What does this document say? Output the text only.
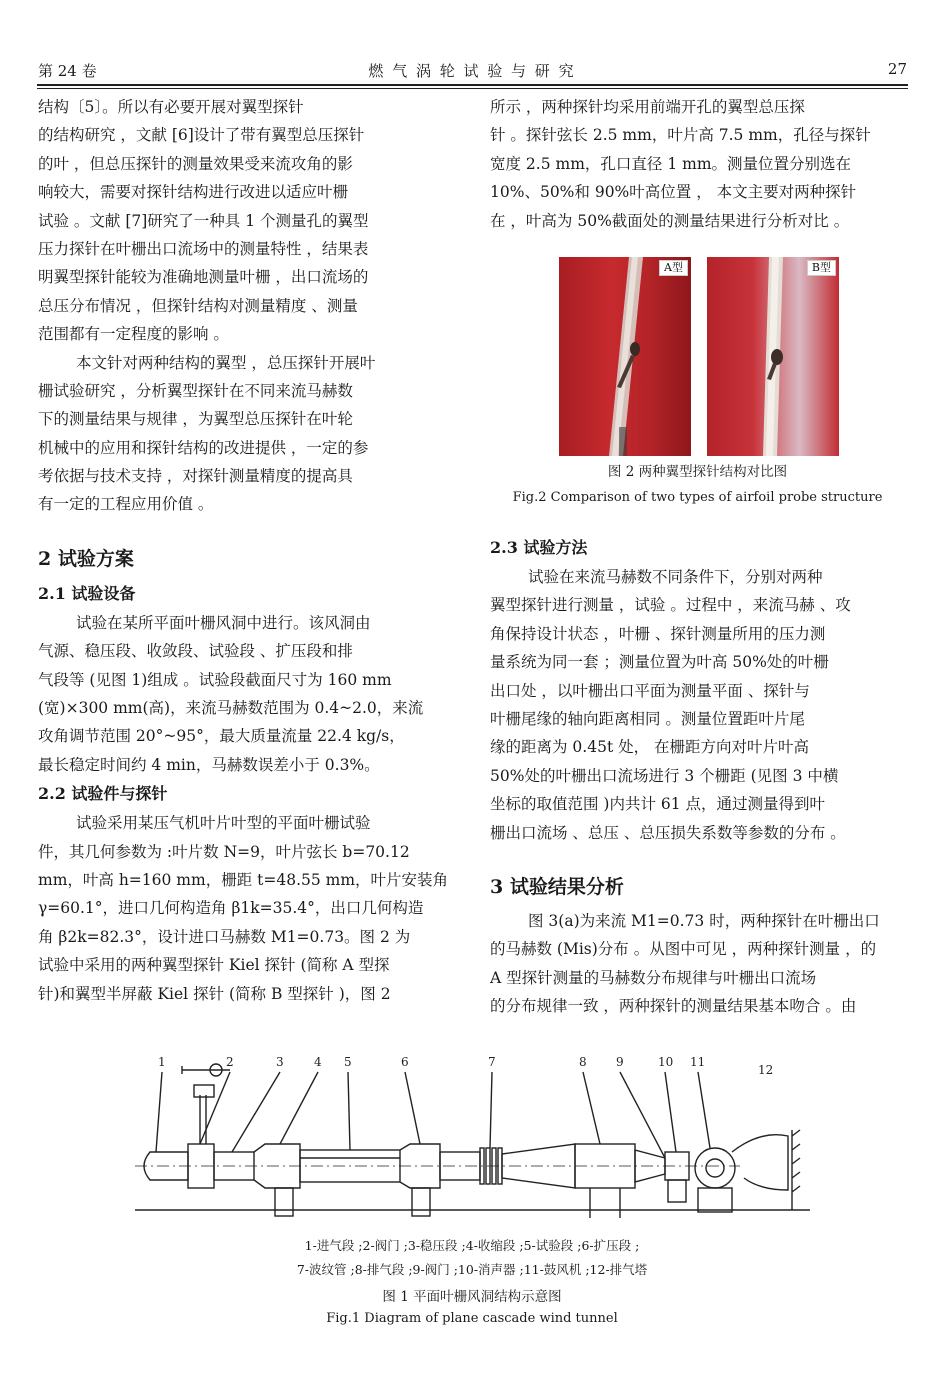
第 24 卷	燃 气 涡 轮 试 验 与 研 究	27
结构〔5〕。所以有必要开展对翼型探针
的结构研究 ，文献 [6]设计了带有翼型总压探针
的叶 ，但总压探针的测量效果受来流攻角的影
响较大，需要对探针结构进行改进以适应叶栅
试验 。文献 [7]研究了一种具 1 个测量孔的翼型
压力探针在叶栅出口流场中的测量特性 ，结果表
明翼型探针能较为准确地测量叶栅 ，出口流场的
总压分布情况 ，但探针结构对测量精度 、测量
范围都有一定程度的影响 。
本文针对两种结构的翼型 ，总压探针开展叶
栅试验研究 ，分析翼型探针在不同来流马赫数
下的测量结果与规律 ，为翼型总压探针在叶轮
机械中的应用和探针结构的改进提供 ，一定的参
考依据与技术支持 ，对探针测量精度的提高具
有一定的工程应用价值 。
2 试验方案
2.1 试验设备
试验在某所平面叶栅风洞中进行。该风洞由
气源、稳压段、收敛段、试验段 、扩压段和排
气段等 (见图 1)组成 。试验段截面尺寸为 160 mm
(宽)×300 mm(高)，来流马赫数范围为 0.4~2.0，来流
攻角调节范围 20°~95°，最大质量流量 22.4 kg/s，
最长稳定时间约 4 min，马赫数误差小于 0.3%。
2.2 试验件与探针
试验采用某压气机叶片叶型的平面叶栅试验
件，其几何参数为 :叶片数 N=9，叶片弦长 b=70.12
mm，叶高 h=160 mm，栅距 t=48.55 mm，叶片安装角
γ=60.1°，进口几何构造角 β1k=35.4°，出口几何构造
角 β2k=82.3°，设计进口马赫数 M1=0.73。图 2 为
试验中采用的两种翼型探针 Kiel 探针 (简称 A 型探
针)和翼型半屏蔽 Kiel 探针 (简称 B 型探针 )，图 2
所示 ，两种探针均采用前端开孔的翼型总压探
针 。探针弦长 2.5 mm，叶片高 7.5 mm，孔径与探针
宽度 2.5 mm，孔口直径 1 mm。测量位置分别选在
10%、50%和 90%叶高位置 ， 本文主要对两种探针
在 ，叶高为 50%截面处的测量结果进行分析对比 。
A型	B型
图 2 两种翼型探针结构对比图
Fig.2 Comparison of two types of airfoil probe structure
2.3 试验方法
试验在来流马赫数不同条件下，分别对两种
翼型探针进行测量 ，试验 。过程中 ，来流马赫 、攻
角保持设计状态 ，叶栅 、探针测量所用的压力测
量系统为同一套 ；测量位置为叶高 50%处的叶栅
出口处 ，以叶栅出口平面为测量平面 、探针与
叶栅尾缘的轴向距离相同 。测量位置距叶片尾
缘的距离为 0.45t 处， 在栅距方向对叶片叶高
50%处的叶栅出口流场进行 3 个栅距 (见图 3 中横
坐标的取值范围 )内共计 61 点，通过测量得到叶
栅出口流场 、总压 、总压损失系数等参数的分布 。
3 试验结果分析
图 3(a)为来流 M1=0.73 时，两种探针在叶栅出口
的马赫数 (Mis)分布 。从图中可见 ，两种探针测量 ，的
A 型探针测量的马赫数分布规律与叶栅出口流场
的分布规律一致 ，两种探针的测量结果基本吻合 。由
1	2	3	4 5	6	7	8 9	10 11
12
1-进气段 ;2-阀门 ;3-稳压段 ;4-收缩段 ;5-试验段 ;6-扩压段 ;
7-波纹管 ;8-排气段 ;9-阀门 ;10-消声器 ;11-鼓风机 ;12-排气塔
图 1 平面叶栅风洞结构示意图
Fig.1 Diagram of plane cascade wind tunnel
